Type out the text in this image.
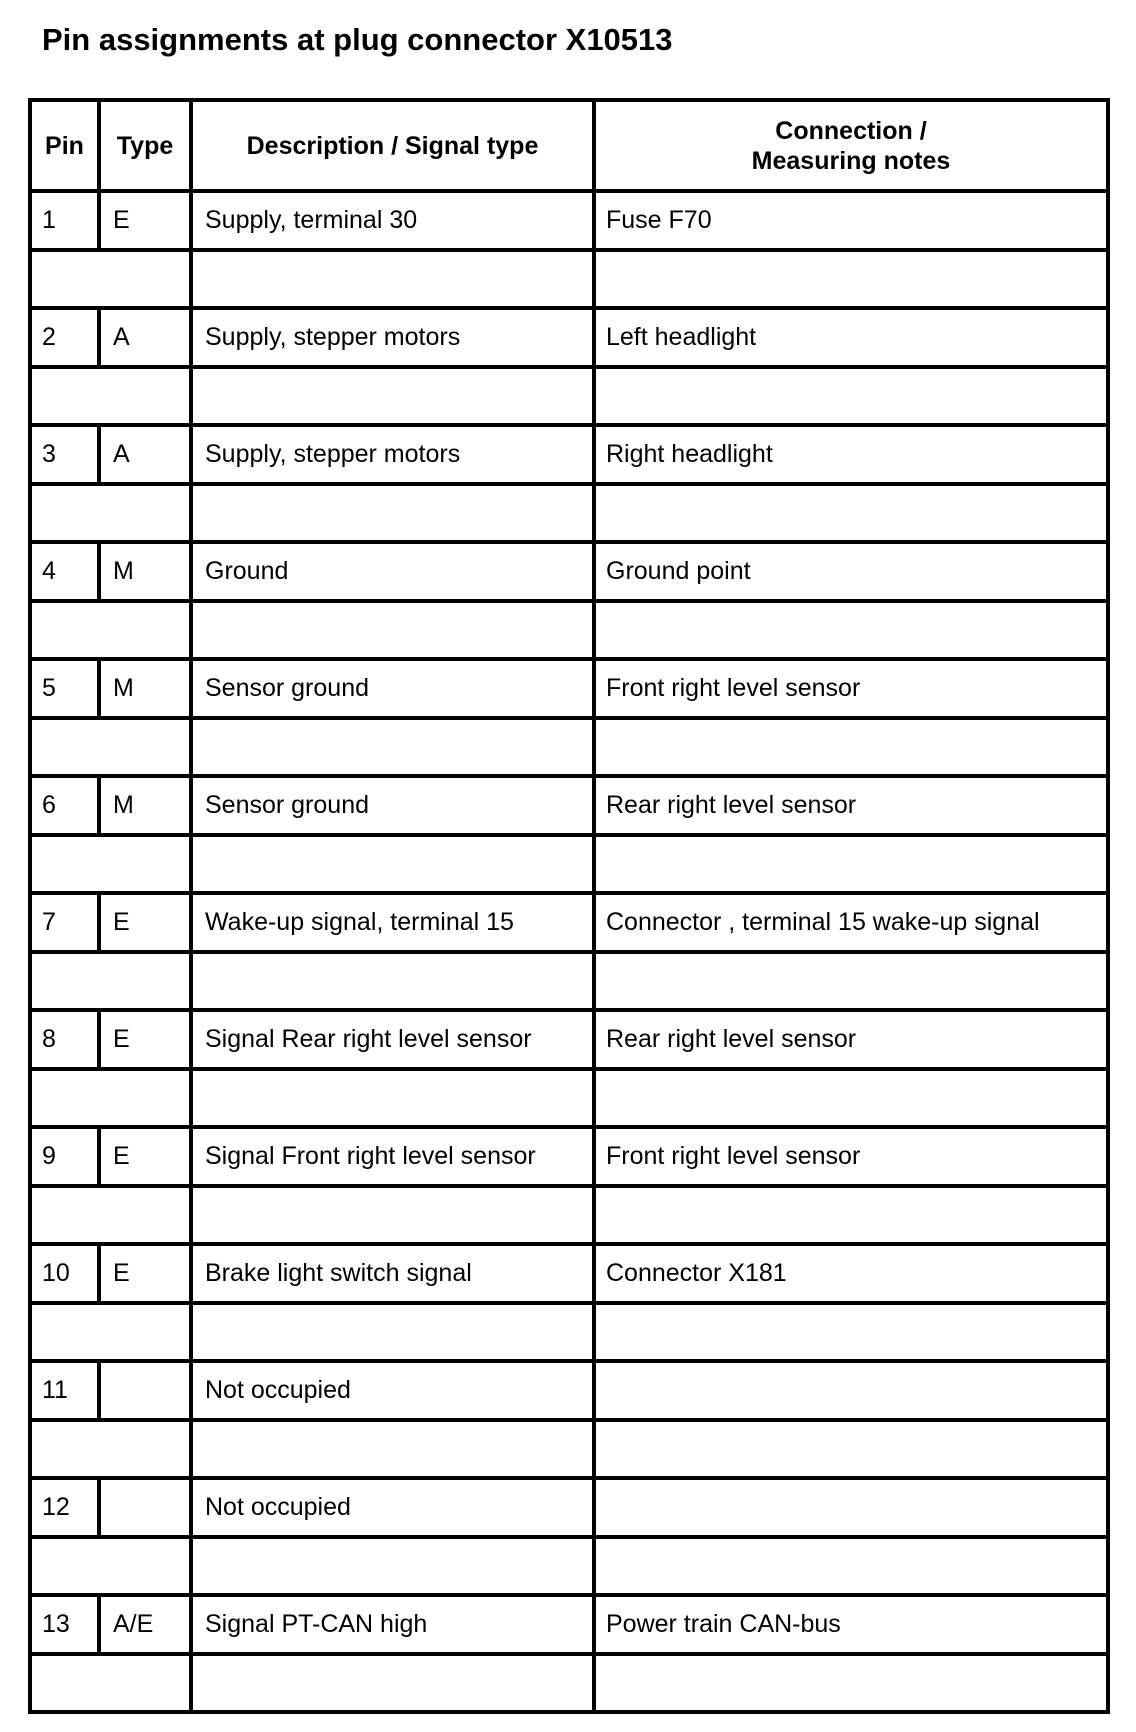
Pin assignments at plug connector X10513
Pin	Type	Description / Signal type	Connection /
Measuring notes

1	E	Supply, terminal 30	Fuse F70

2	A	Supply, stepper motors	Left headlight

3	A	Supply, stepper motors	Right headlight

4	M	Ground	Ground point

5	M	Sensor ground	Front right level sensor

6	M	Sensor ground	Rear right level sensor

7	E	Wake-up signal, terminal 15	Connector , terminal 15 wake-up signal

8	E	Signal Rear right level sensor	Rear right level sensor

9	E	Signal Front right level sensor	Front right level sensor

10	E	Brake light switch signal	Connector X181

11		Not occupied	

12		Not occupied	

13	A/E	Signal PT-CAN high	Power train CAN-bus
